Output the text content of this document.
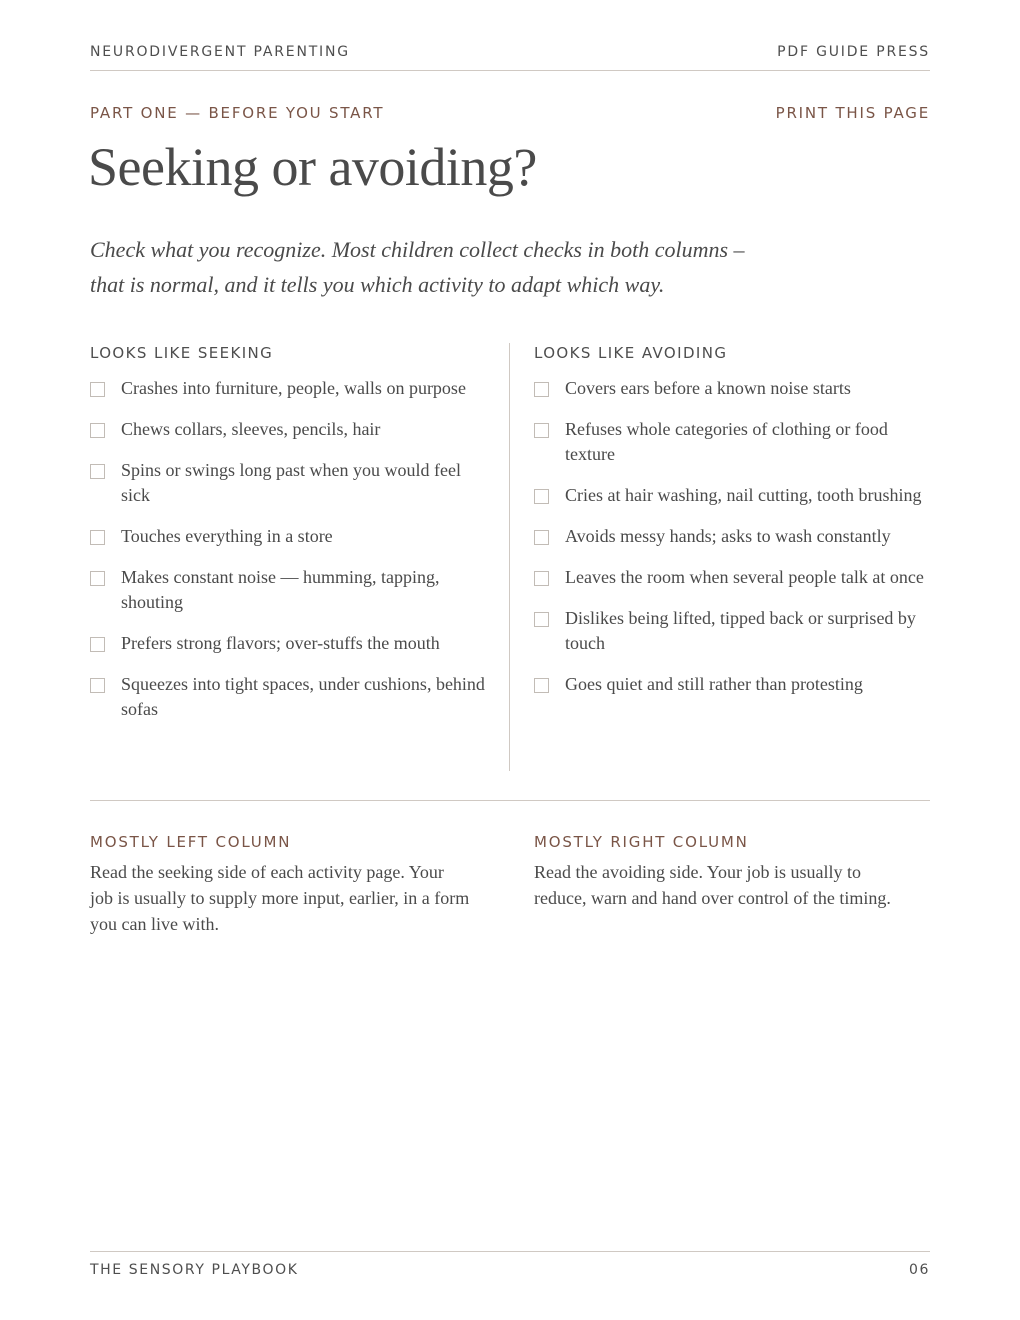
NEURODIVERGENT PARENTING	PDF GUIDE PRESS
PART ONE — BEFORE YOU START	PRINT THIS PAGE
Seeking or avoiding?

Check what you recognize. Most children collect checks in both columns – that is normal, and it tells you which activity to adapt which way.

LOOKS LIKE SEEKING
Crashes into furniture, people, walls on purpose
Chews collars, sleeves, pencils, hair
Spins or swings long past when you would feel sick
Touches everything in a store
Makes constant noise — humming, tapping, shouting
Prefers strong flavors; over-stuffs the mouth
Squeezes into tight spaces, under cushions, behind sofas
LOOKS LIKE AVOIDING
Covers ears before a known noise starts
Refuses whole categories of clothing or food texture
Cries at hair washing, nail cutting, tooth brushing
Avoids messy hands; asks to wash constantly
Leaves the room when several people talk at once
Dislikes being lifted, tipped back or surprised by touch
Goes quiet and still rather than protesting
MOSTLY LEFT COLUMN

Read the seeking side of each activity page. Your job is usually to supply more input, earlier, in a form you can live with.

MOSTLY RIGHT COLUMN

Read the avoiding side. Your job is usually to reduce, warn and hand over control of the timing.

THE SENSORY PLAYBOOK	06
